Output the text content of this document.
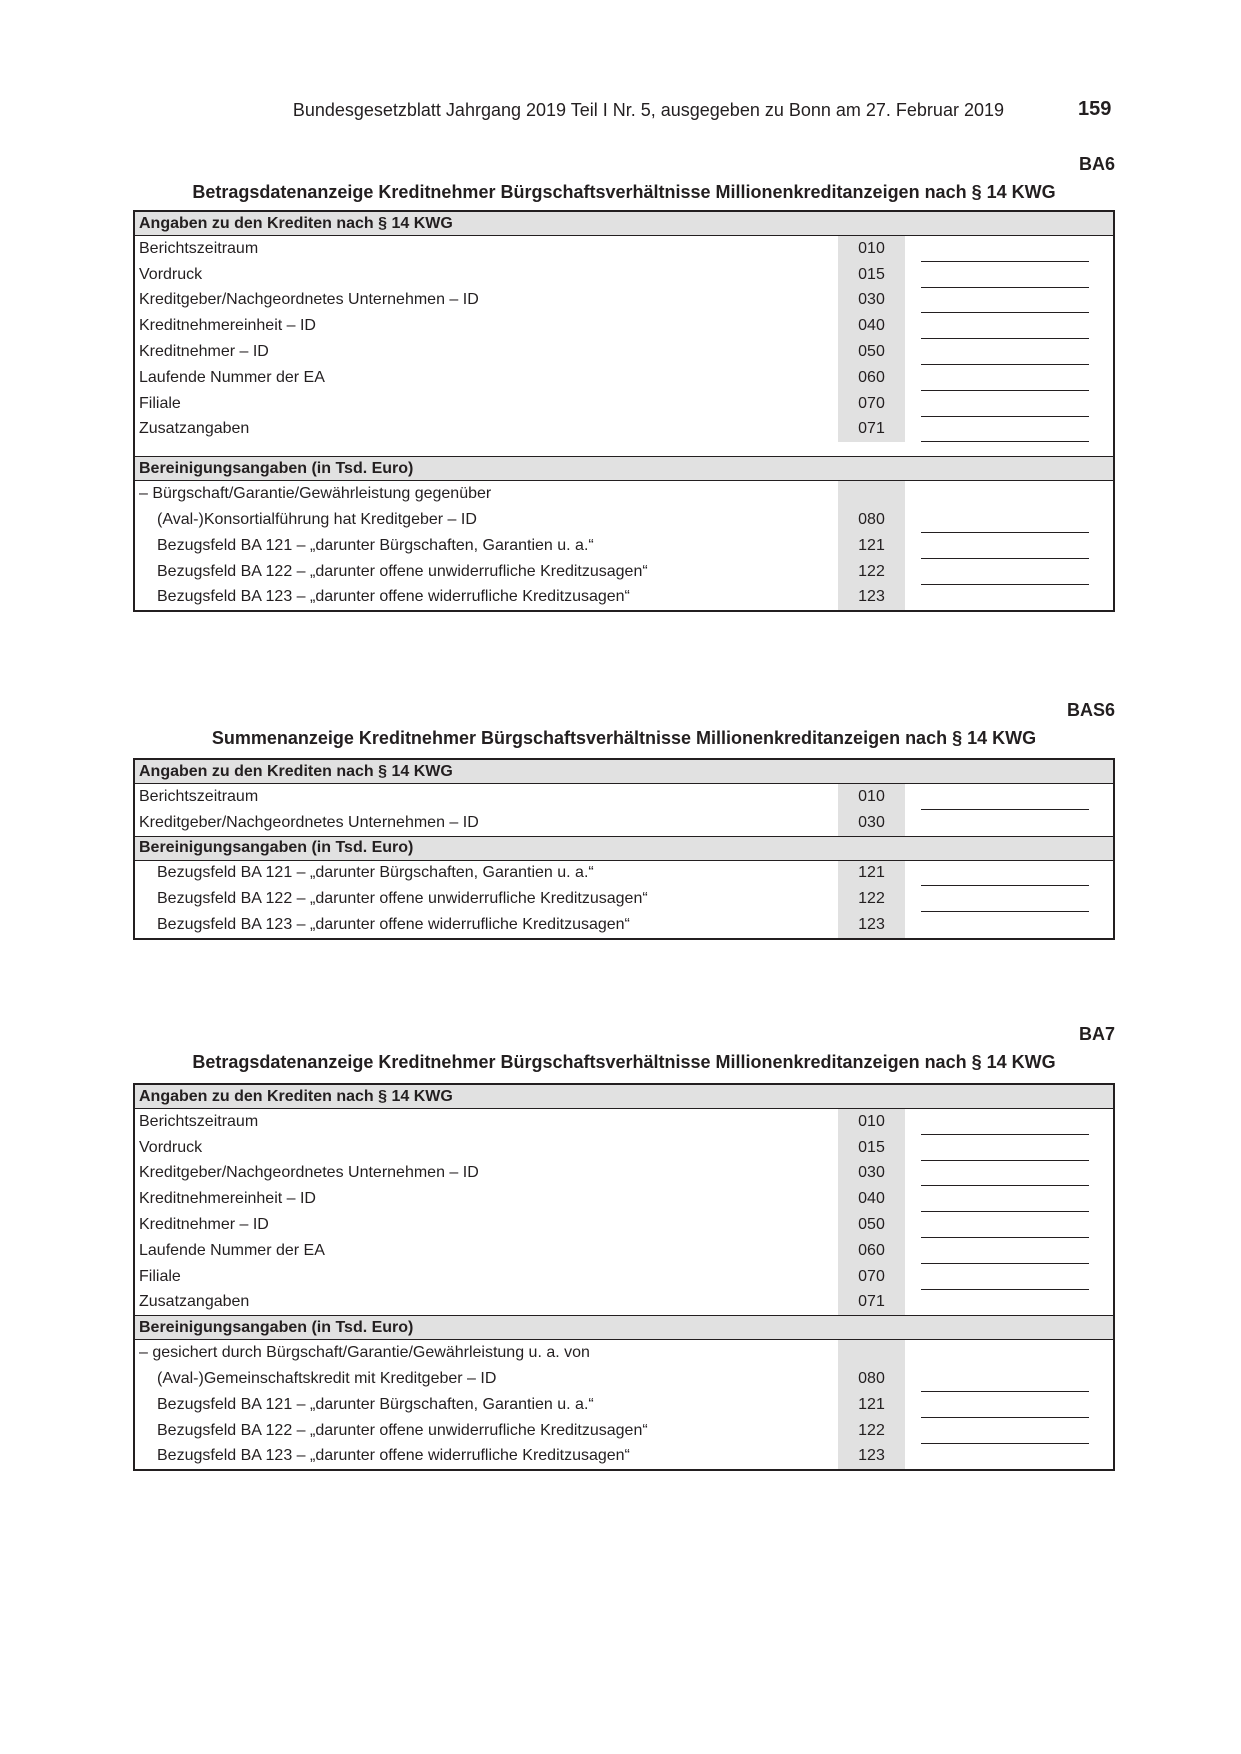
Bundesgesetzblatt Jahrgang 2019 Teil I Nr. 5, ausgegeben zu Bonn am 27. Februar 2019	159
BA6
Betragsdatenanzeige Kreditnehmer Bürgschaftsverhältnisse Millionenkreditanzeigen nach § 14 KWG
Angaben zu den Krediten nach § 14 KWG		
Berichtszeitraum	010	

Vordruck	015	

Kreditgeber/Nachgeordnetes Unternehmen – ID	030	

Kreditnehmereinheit – ID	040	

Kreditnehmer – ID	050	

Laufende Nummer der EA	060	

Filiale	070	

Zusatzangaben	071	

Bereinigungsangaben (in Tsd. Euro)		
– Bürgschaft/Garantie/Gewährleistung gegenüber		
(Aval-)Konsortialführung hat Kreditgeber – ID	080	

Bezugsfeld BA 121 – „darunter Bürgschaften, Garantien u. a.“	121	

Bezugsfeld BA 122 – „darunter offene unwiderrufliche Kreditzusagen“	122	

Bezugsfeld BA 123 – „darunter offene widerrufliche Kreditzusagen“	123	
BAS6
Summenanzeige Kreditnehmer Bürgschaftsverhältnisse Millionenkreditanzeigen nach § 14 KWG
Angaben zu den Krediten nach § 14 KWG		
Berichtszeitraum	010	

Kreditgeber/Nachgeordnetes Unternehmen – ID	030	
Bereinigungsangaben (in Tsd. Euro)		
Bezugsfeld BA 121 – „darunter Bürgschaften, Garantien u. a.“	121	

Bezugsfeld BA 122 – „darunter offene unwiderrufliche Kreditzusagen“	122	

Bezugsfeld BA 123 – „darunter offene widerrufliche Kreditzusagen“	123	
BA7
Betragsdatenanzeige Kreditnehmer Bürgschaftsverhältnisse Millionenkreditanzeigen nach § 14 KWG
Angaben zu den Krediten nach § 14 KWG		
Berichtszeitraum	010	

Vordruck	015	

Kreditgeber/Nachgeordnetes Unternehmen – ID	030	

Kreditnehmereinheit – ID	040	

Kreditnehmer – ID	050	

Laufende Nummer der EA	060	

Filiale	070	

Zusatzangaben	071	
Bereinigungsangaben (in Tsd. Euro)		
– gesichert durch Bürgschaft/Garantie/Gewährleistung u. a. von		
(Aval-)Gemeinschaftskredit mit Kreditgeber – ID	080	

Bezugsfeld BA 121 – „darunter Bürgschaften, Garantien u. a.“	121	

Bezugsfeld BA 122 – „darunter offene unwiderrufliche Kreditzusagen“	122	

Bezugsfeld BA 123 – „darunter offene widerrufliche Kreditzusagen“	123	
